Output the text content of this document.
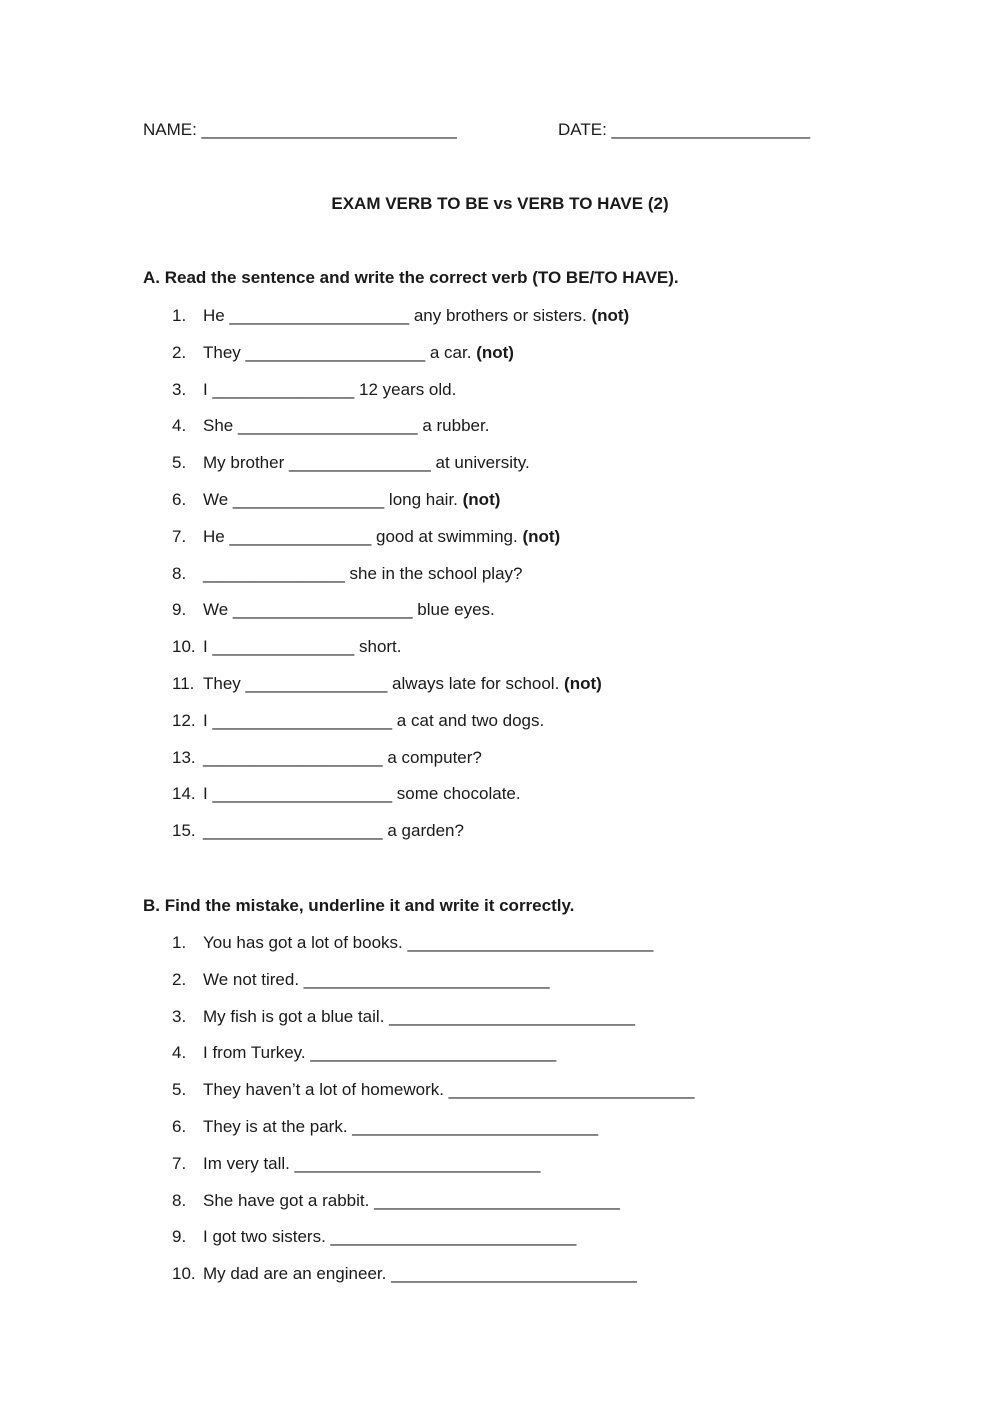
NAME: ___________________________	DATE: _____________________
EXAM VERB TO BE vs VERB TO HAVE (2)
A. Read the sentence and write the correct verb (TO BE/TO HAVE).
1. He ___________________ any brothers or sisters. (not)
2. They ___________________ a car. (not)
3. I _______________ 12 years old.
4. She ___________________ a rubber.
5. My brother _______________ at university.
6. We ________________ long hair. (not)
7. He _______________ good at swimming. (not)
8. _______________ she in the school play?
9. We ___________________ blue eyes.
10. I _______________ short.
11. They _______________ always late for school. (not)
12. I ___________________ a cat and two dogs.
13. ___________________ a computer?
14. I ___________________ some chocolate.
15. ___________________ a garden?
B. Find the mistake, underline it and write it correctly.
1. You has got a lot of books. __________________________
2. We not tired. __________________________
3. My fish is got a blue tail. __________________________
4. I from Turkey. __________________________
5. They haven’t a lot of homework. __________________________
6. They is at the park. __________________________
7. Im very tall. __________________________
8. She have got a rabbit. __________________________
9. I got two sisters. __________________________
10. My dad are an engineer. __________________________
